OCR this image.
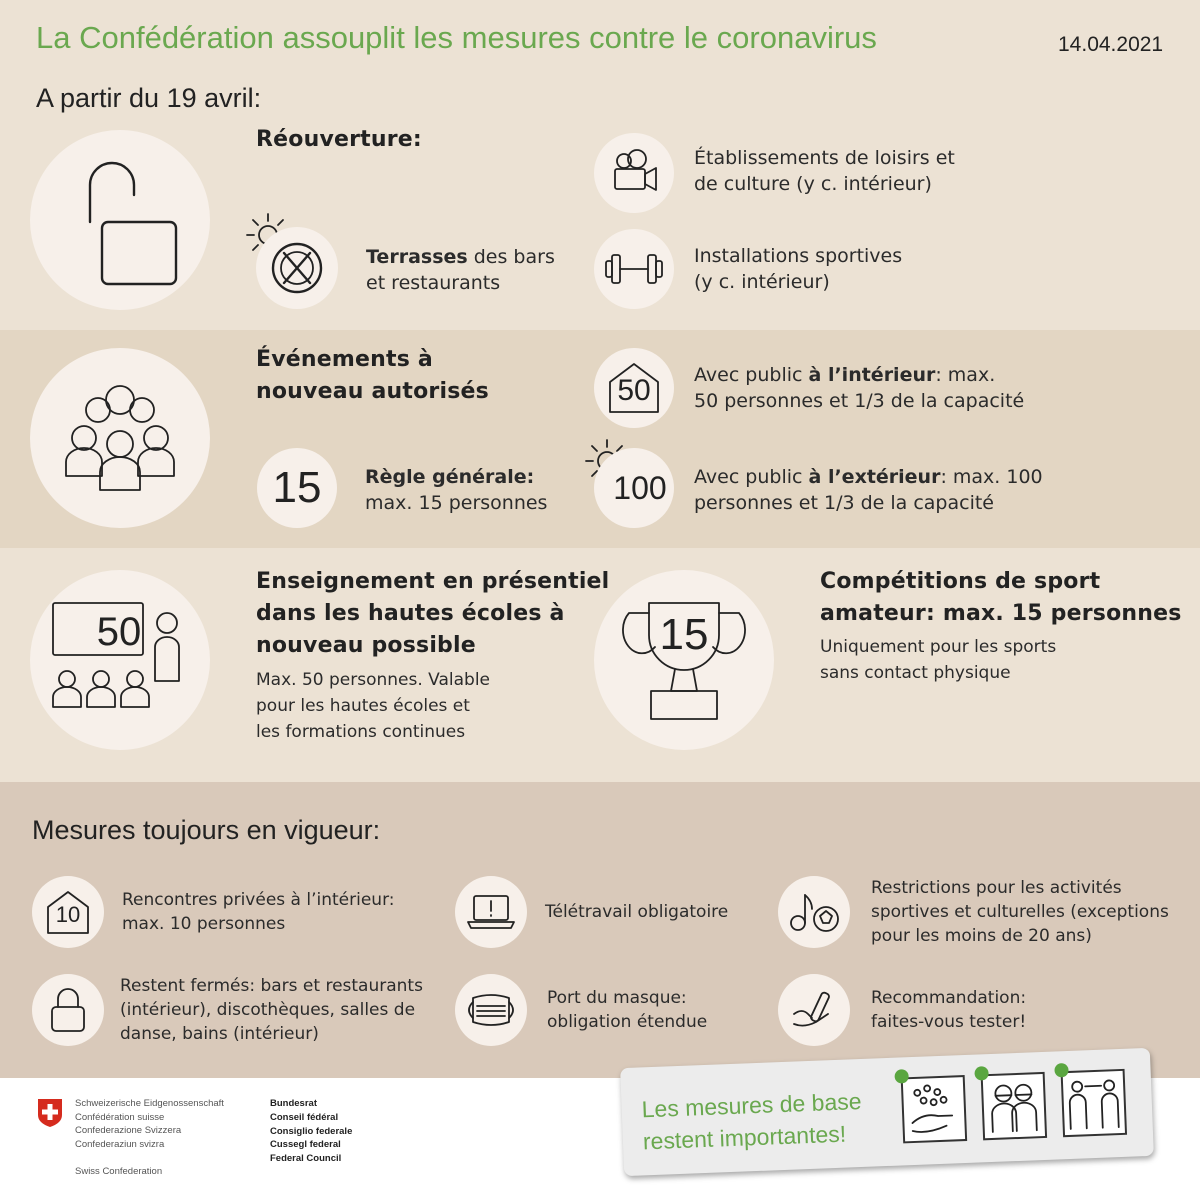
La Confédération assouplit les mesures contre le coronavirus	14.04.2021
A partir du 19 avril:
Réouverture:
Terrasses des bars
et restaurants
Établissements de loisirs et
de culture (y c. intérieur)
Installations sportives
(y c. intérieur)
Événements à
nouveau autorisés
15 Règle générale:
max. 15 personnes
50	Avec public à l’intérieur: max.
50 personnes et 1/3 de la capacité
100 Avec public à l’extérieur: max. 100
personnes et 1/3 de la capacité
50
Enseignement en présentiel
dans les hautes écoles à
nouveau possible
Max. 50 personnes. Valable
pour les hautes écoles et
les formations continues
15
Compétitions de sport
amateur: max. 15 personnes
Uniquement pour les sports
sans contact physique
Mesures toujours en vigueur:
10
Rencontres privées à l’intérieur:
max. 10 personnes
Télétravail obligatoire
Restrictions pour les activités
sportives et culturelles (exceptions
pour les moins de 20 ans)
Restent fermés: bars et restaurants
(intérieur), discothèques, salles de
danse, bains (intérieur)
Port du masque:
obligation étendue
Recommandation:
faites-vous tester!
Schweizerische Eidgenossenschaft
Confédération suisse
Confederazione Svizzera
Confederaziun svizra
Swiss Confederation
Bundesrat
Conseil fédéral
Consiglio federale
Cussegl federal
Federal Council
Les mesures de base
restent importantes!
